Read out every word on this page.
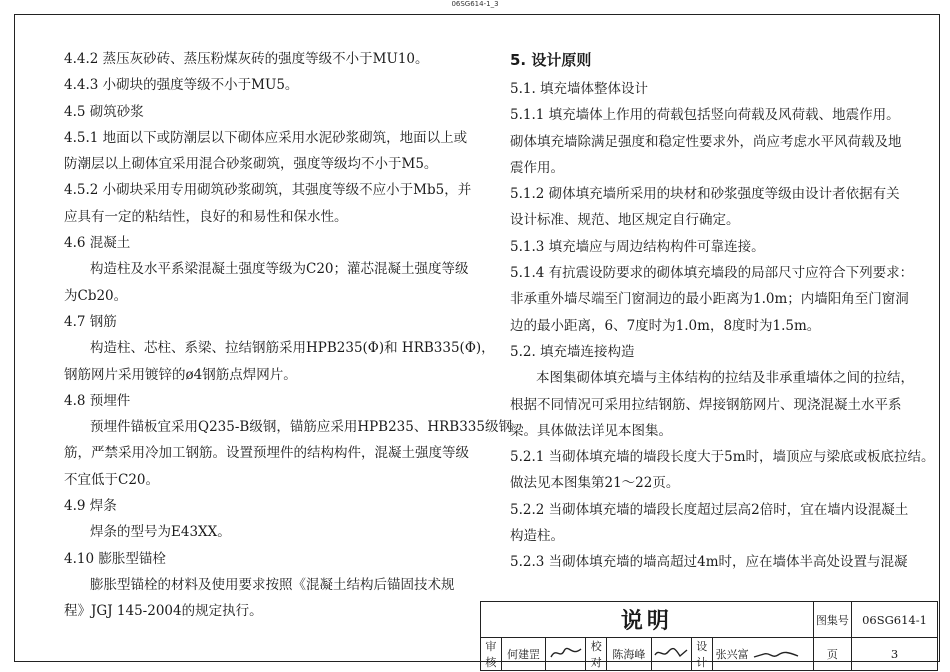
06SG614-1_3

4.4.2 蒸压灰砂砖、蒸压粉煤灰砖的强度等级不小于MU10。

4.4.3 小砌块的强度等级不小于MU5。

4.5 砌筑砂浆

4.5.1 地面以下或防潮层以下砌体应采用水泥砂浆砌筑，地面以上或

防潮层以上砌体宜采用混合砂浆砌筑，强度等级均不小于M5。

4.5.2 小砌块采用专用砌筑砂浆砌筑，其强度等级不应小于Mb5，并

应具有一定的粘结性，良好的和易性和保水性。

4.6 混凝土

构造柱及水平系梁混凝土强度等级为C20；灌芯混凝土强度等级

为Cb20。

4.7 钢筋

构造柱、芯柱、系梁、拉结钢筋采用HPB235(Φ)和 HRB335(Φ)，

钢筋网片采用镀锌的ø4钢筋点焊网片。

4.8 预埋件

预埋件锚板宜采用Q235-B级钢，锚筋应采用HPB235、HRB335级钢

筋，严禁采用冷加工钢筋。设置预埋件的结构构件，混凝土强度等级

不宜低于C20。

4.9 焊条

焊条的型号为E43XX。

4.10 膨胀型锚栓

膨胀型锚栓的材料及使用要求按照《混凝土结构后锚固技术规

程》JGJ 145-2004的规定执行。

5. 设计原则

5.1. 填充墙体整体设计

5.1.1 填充墙体上作用的荷载包括竖向荷载及风荷载、地震作用。

砌体填充墙除满足强度和稳定性要求外，尚应考虑水平风荷载及地

震作用。

5.1.2 砌体填充墙所采用的块材和砂浆强度等级由设计者依据有关

设计标准、规范、地区规定自行确定。

5.1.3 填充墙应与周边结构构件可靠连接。

5.1.4 有抗震设防要求的砌体填充墙段的局部尺寸应符合下列要求：

非承重外墙尽端至门窗洞边的最小距离为1.0m；内墙阳角至门窗洞

边的最小距离，6、7度时为1.0m，8度时为1.5m。

5.2. 填充墙连接构造

本图集砌体填充墙与主体结构的拉结及非承重墙体之间的拉结，

根据不同情况可采用拉结钢筋、焊接钢筋网片、现浇混凝土水平系

梁。具体做法详见本图集。

5.2.1 当砌体填充墙的墙段长度大于5m时，墙顶应与梁底或板底拉结。

做法见本图集第21～22页。

5.2.2 当砌体填充墙的墙段长度超过层高2倍时，宜在墙内设混凝土

构造柱。

5.2.3 当砌体填充墙的墙高超过4m时，应在墙体半高处设置与混凝

说明								图集号	06SG614-1
审核	何建罡		校对	陈海峰		设计	张兴富	页	3
